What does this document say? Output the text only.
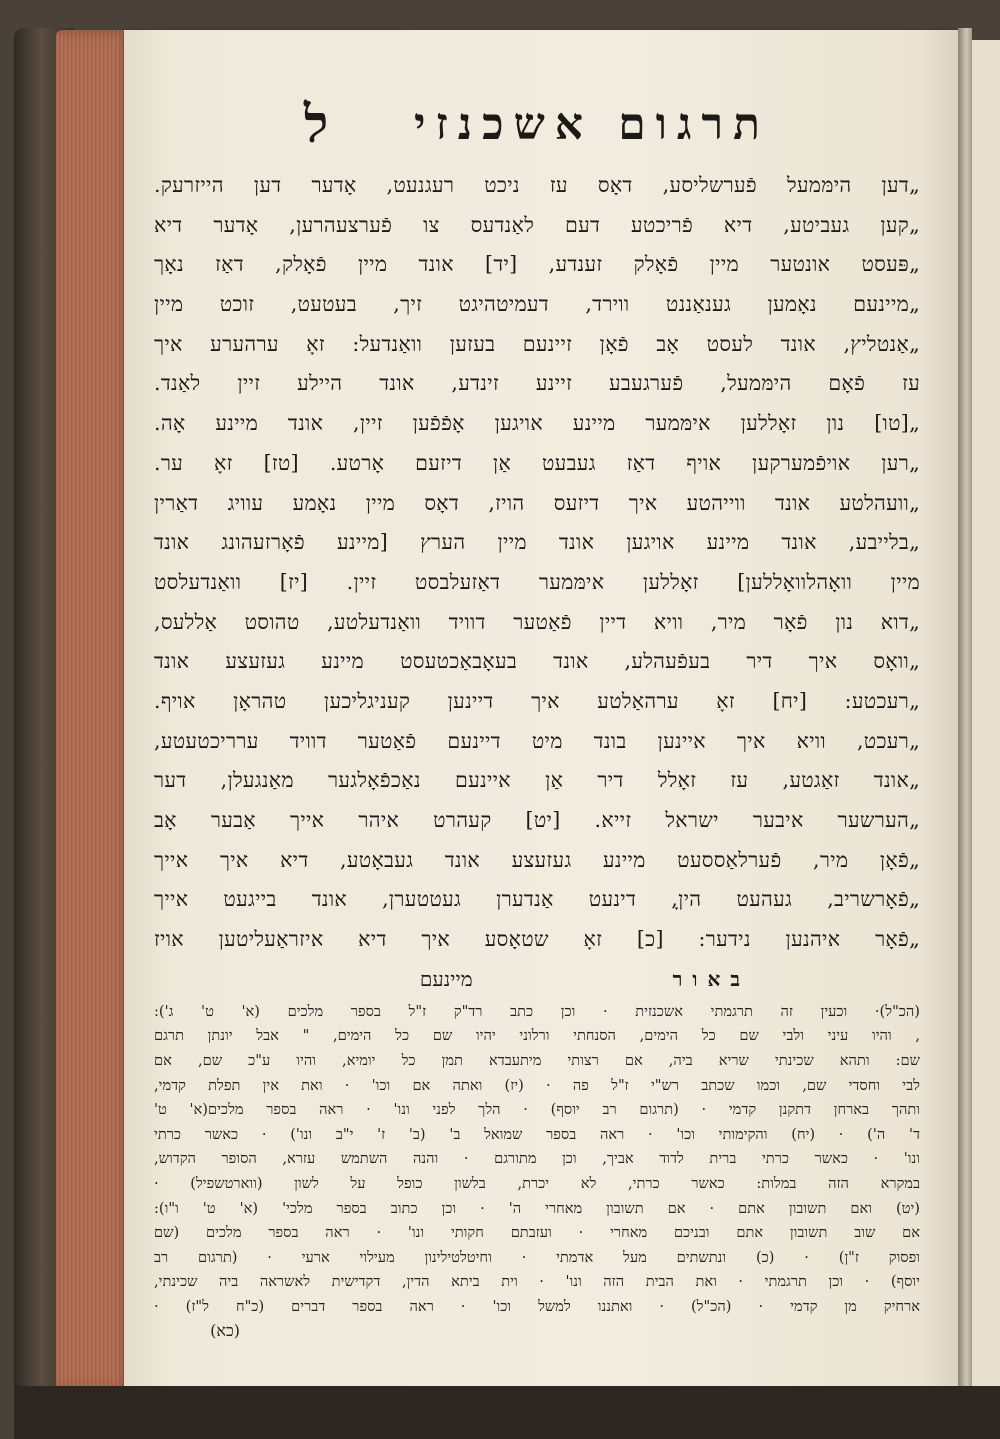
תרגום אשכנזי
ל
„דען הימּמעל פֿערשליסע, דאָס עז ניכט רעגנעט, אָדער דען הייזרעק.
„קען געביטע, דיא פֿריכטע דעם לאַנדעס צו פֿערצעהרען, אָדער דיא
„פּעסט אונטער מיין פֿאָלק זענדע, [יד] אונד מיין פֿאָלק, דאַז נאָך
„מיינעם נאָמען גענאַננט ווירד, דעמיטהיגט זיך, בעטעט, זוכט מיין
„אַנטליץ, אונד לעסט אָב פֿאָן זיינעם בעזען וואַנדעל: זאָ ערהערע איך
עז פֿאָם הימּמעל, פֿערגעבע זיינע זינדע, אונד היילע זיין לאַנד.
„[טו] נון זאָללען אימּמער מיינע אויגען אָפֿפֿען זיין, אונד מיינע אָה.
„רען אויפֿמערקען אויף דאַז געבעט אַן דיזעם אָרטע. [טז] זאָ ער.
„וועהלטע אונד ווייהטע איך דיזעס הויז, דאָס מיין נאָמע עוויג דאַרין
„בלייבע, אונד מיינע אויגען אונד מיין הערץ [מיינע פֿאָרזעהונג אונד
מיין וואָהלוואָללען] זאָללען אימּמער דאַזעלבסט זיין. [יז] וואַנדעלסט
„דוא נון פֿאָר מיר, וויא דיין פֿאַטער דוויד וואַנדעלטע, טהוסט אַללעס,
„וואָס איך דיר בעפֿעהלע, אונד בעאָבאַכטעסט מיינע געזעצע אונד
„רעכטע: [יח] זאָ ערהאַלטע איך דיינען קעניגליכען טהראָן אויף.
„רעכט, וויא איך איינען בונד מיט דיינעם פֿאַטער דוויד ערריכטעטע,
„אונד זאַגטע, עז זאָלל דיר אַן איינעם נאַכפֿאָלגער מאַנגעלן, דער
„הערשער איבער ישראל זייא. [יט] קעהרט איהר אייך אַבער אָב
„פֿאָן מיר, פֿערלאַססעט מיינע געזעצע אונד געבאָטע, דיא איך אייך
„פֿאָרשריב, געהעט היןָ, דינעט אַנדערן געטטערן, אונד בייגעט אייך
„פֿאָר איהנען נידער: [כ] זאָ שטאָסע איך דיא איזראַעליטען אויז
באור
מיינעם
(הכ"ל)· וכעין זה תרגמתי אשכנזית · וכן כתב רד"ק ז"ל בספר מלכים (א' ט' ג'):
, והיו עיני ולבי שם כל הימים, הסנחתי ורלוני יהיו שם כל הימים, " אבל יונתן תרגם
שם: ותהא שכינתי שריא ביה, אם רצותי מיתעבדא תמן כל יומיא, והיו ע"כ שם, אם
לבי וחסדי שם, וכמו שכתב רש"י ז"ל פה · (יז) ואתה אם וכו' · ואת אין תפלת קדמי,
ותהך בארחן דתקנן קדמי · (תרגום רב יוסף) · הלך לפני ונו' · ראה בספר מלכים(א' ט'
ד' ה') · (יח) והקימותי וכו' · ראה בספר שמואל ב' (ב' ז' י"ב ונו') · כאשר כרתי
ונו' · כאשר כרתי ברית לדוד אביך, וכן מתורגם · והנה השתמש עזרא, הסופר הקדוש,
במקרא הזה במלות: כאשר כרתי, לא יכרת, בלשון כופל על לשון (ווארטשפיל) ·
(יט) ואם תשובון אתם · אם תשובון מאחרי ה' · וכן כתוב בספר מלכי' (א' ט' ו"ו):
אם שוב תשובון אתם ובניכם מאחרי · ועזבתם חקותי ונו' · ראה בספר מלכים (שם
ופסוק ז"ן) · (כ) ונתשתים מעל אדמתי · וחיטלטילינון מעילוי ארעי · (תרגום רב
יוסף) · וכן תרגמתי · ואת הבית הזה ונו' · וית ביתא הדין, דקדישית לאשראה ביה שכינתי,
ארחיק מן קדמי · (הכ"ל) · ואתננו למשל וכו' · ראה בספר דברים (כ"ח ל"ז) ·
(כא)
